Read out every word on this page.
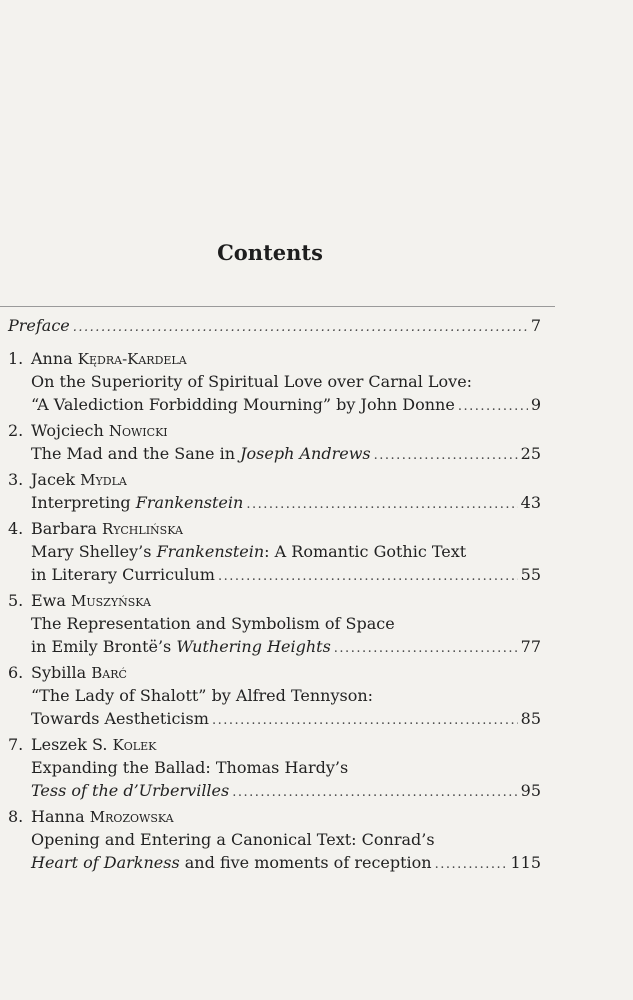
Contents
Preface .....	7
1. Anna
Kędra-Kardela
On the Superiority of Spiritual Love over Carnal Love:
“A Valediction Forbidding Mourning” by John Donne .....	9
2. Wojciech
Nowicki
The Mad and the Sane in
Joseph Andrews .....	25
3. Jacek
Mydla
Interpreting
Frankenstein .....	43
4. Barbara
Rychlińska
Mary Shelley’s
Frankenstein : A Romantic Gothic Text
in Literary Curriculum .....	55
5. Ewa
Muszyńska
The Representation and Symbolism of Space
in Emily Brontë’s
Wuthering Heights .....	77
6. Sybilla
Barć
“The Lady of Shalott” by Alfred Tennyson:
Towards Aestheticism .....	85
7. Leszek S.
Kolek
Expanding the Ballad: Thomas Hardy’s
Tess of the d’Urbervilles .....	95
8. Hanna
Mrozowska
Opening and Entering a Canonical Text: Conrad’s
Heart of Darkness
and five moments of reception .....	115
